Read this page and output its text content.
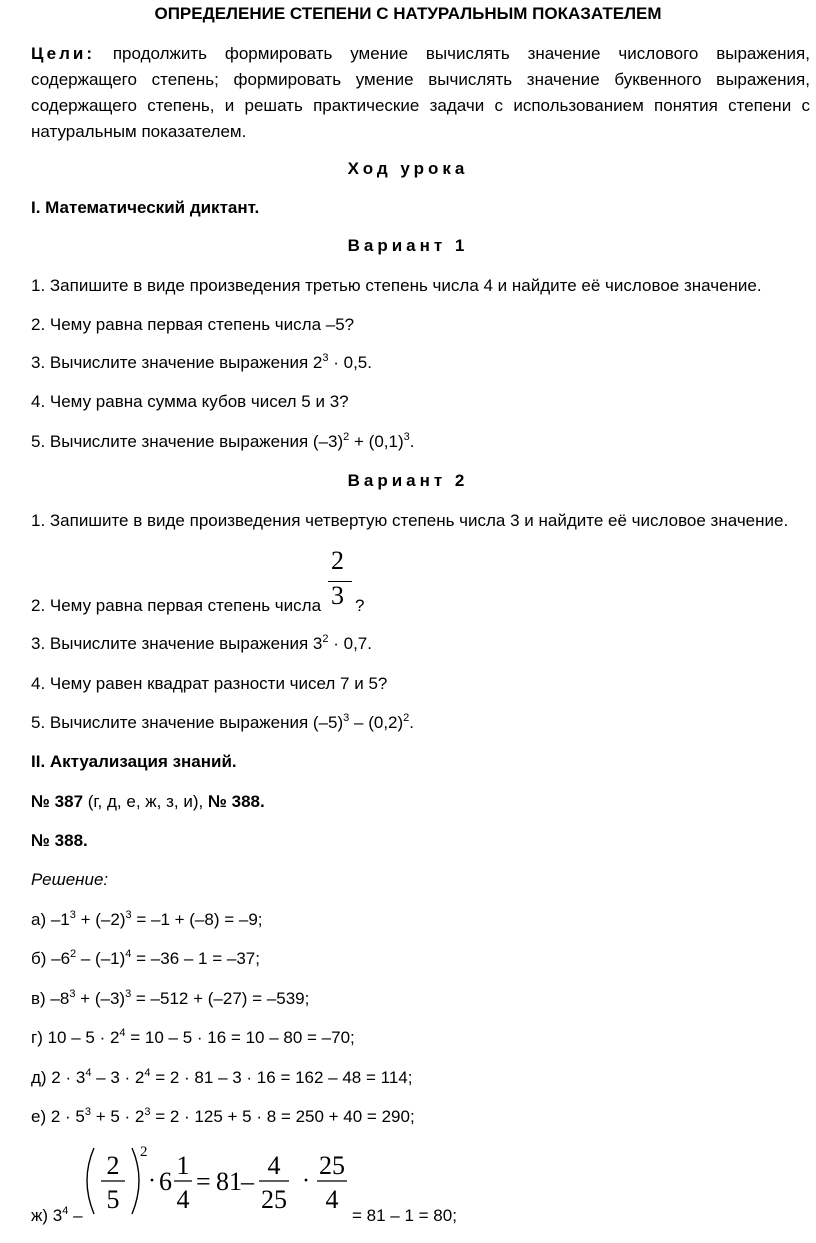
ОПРЕДЕЛЕНИЕ СТЕПЕНИ С НАТУРАЛЬНЫМ ПОКАЗАТЕЛЕМ
Цели: продолжить формировать умение вычислять значение числового выражения,
содержащего степень; формировать умение вычислять значение буквенного выражения,
содержащего степень, и решать практические задачи с использованием понятия степени с
натуральным показателем.
Ход урока
I. Математический диктант.
Вариант 1
1. Запишите в виде произведения третью степень числа 4 и найдите её числовое значение.
2. Чему равна первая степень числа –5?
3. Вычислите значение выражения $2^3 \cdot 0,5$.
4. Чему равна сумма кубов чисел 5 и 3?
5. Вычислите значение выражения $(-3)^2 + (0,1)^3$.
Вариант 2
1. Запишите в виде произведения четвертую степень числа 3 и найдите её числовое значение.
2. Чему равна первая степень числа
2
3 ?
3. Вычислите значение выражения $3^2 \cdot 0,7$.
4. Чему равен квадрат разности чисел 7 и 5?
5. Вычислите значение выражения $(-5)^3 - (0,2)^2$.
II. Актуализация знаний.
№ 387 (г, д, е, ж, з, и), № 388.
№ 388.
Решение:
а) $-1^3 + (-2)^3 = -1 + (-8) = -9$;
б) $-6^2 - (-1)^4 = -36 - 1 = -37$;
в) $-8^3 + (-3)^3 = -512 + (-27) = -539$;
г) $10 - 5 \cdot 2^4 = 10 - 5 \cdot 16 = 10 - 80 = -70$;
д) $2 \cdot 3^4 - 3 \cdot 2^4 = 2 \cdot 81 - 3 \cdot 16 = 162 - 48 = 114$;
е) $2 \cdot 5^3 + 5 \cdot 2^3 = 2 \cdot 125 + 5 \cdot 8 = 250 + 40 = 290$;
ж) $3^4$ –
2
5
2
· 6
1
4
= 81 –
4
25
·
25
4
= 81 – 1 = 80;
